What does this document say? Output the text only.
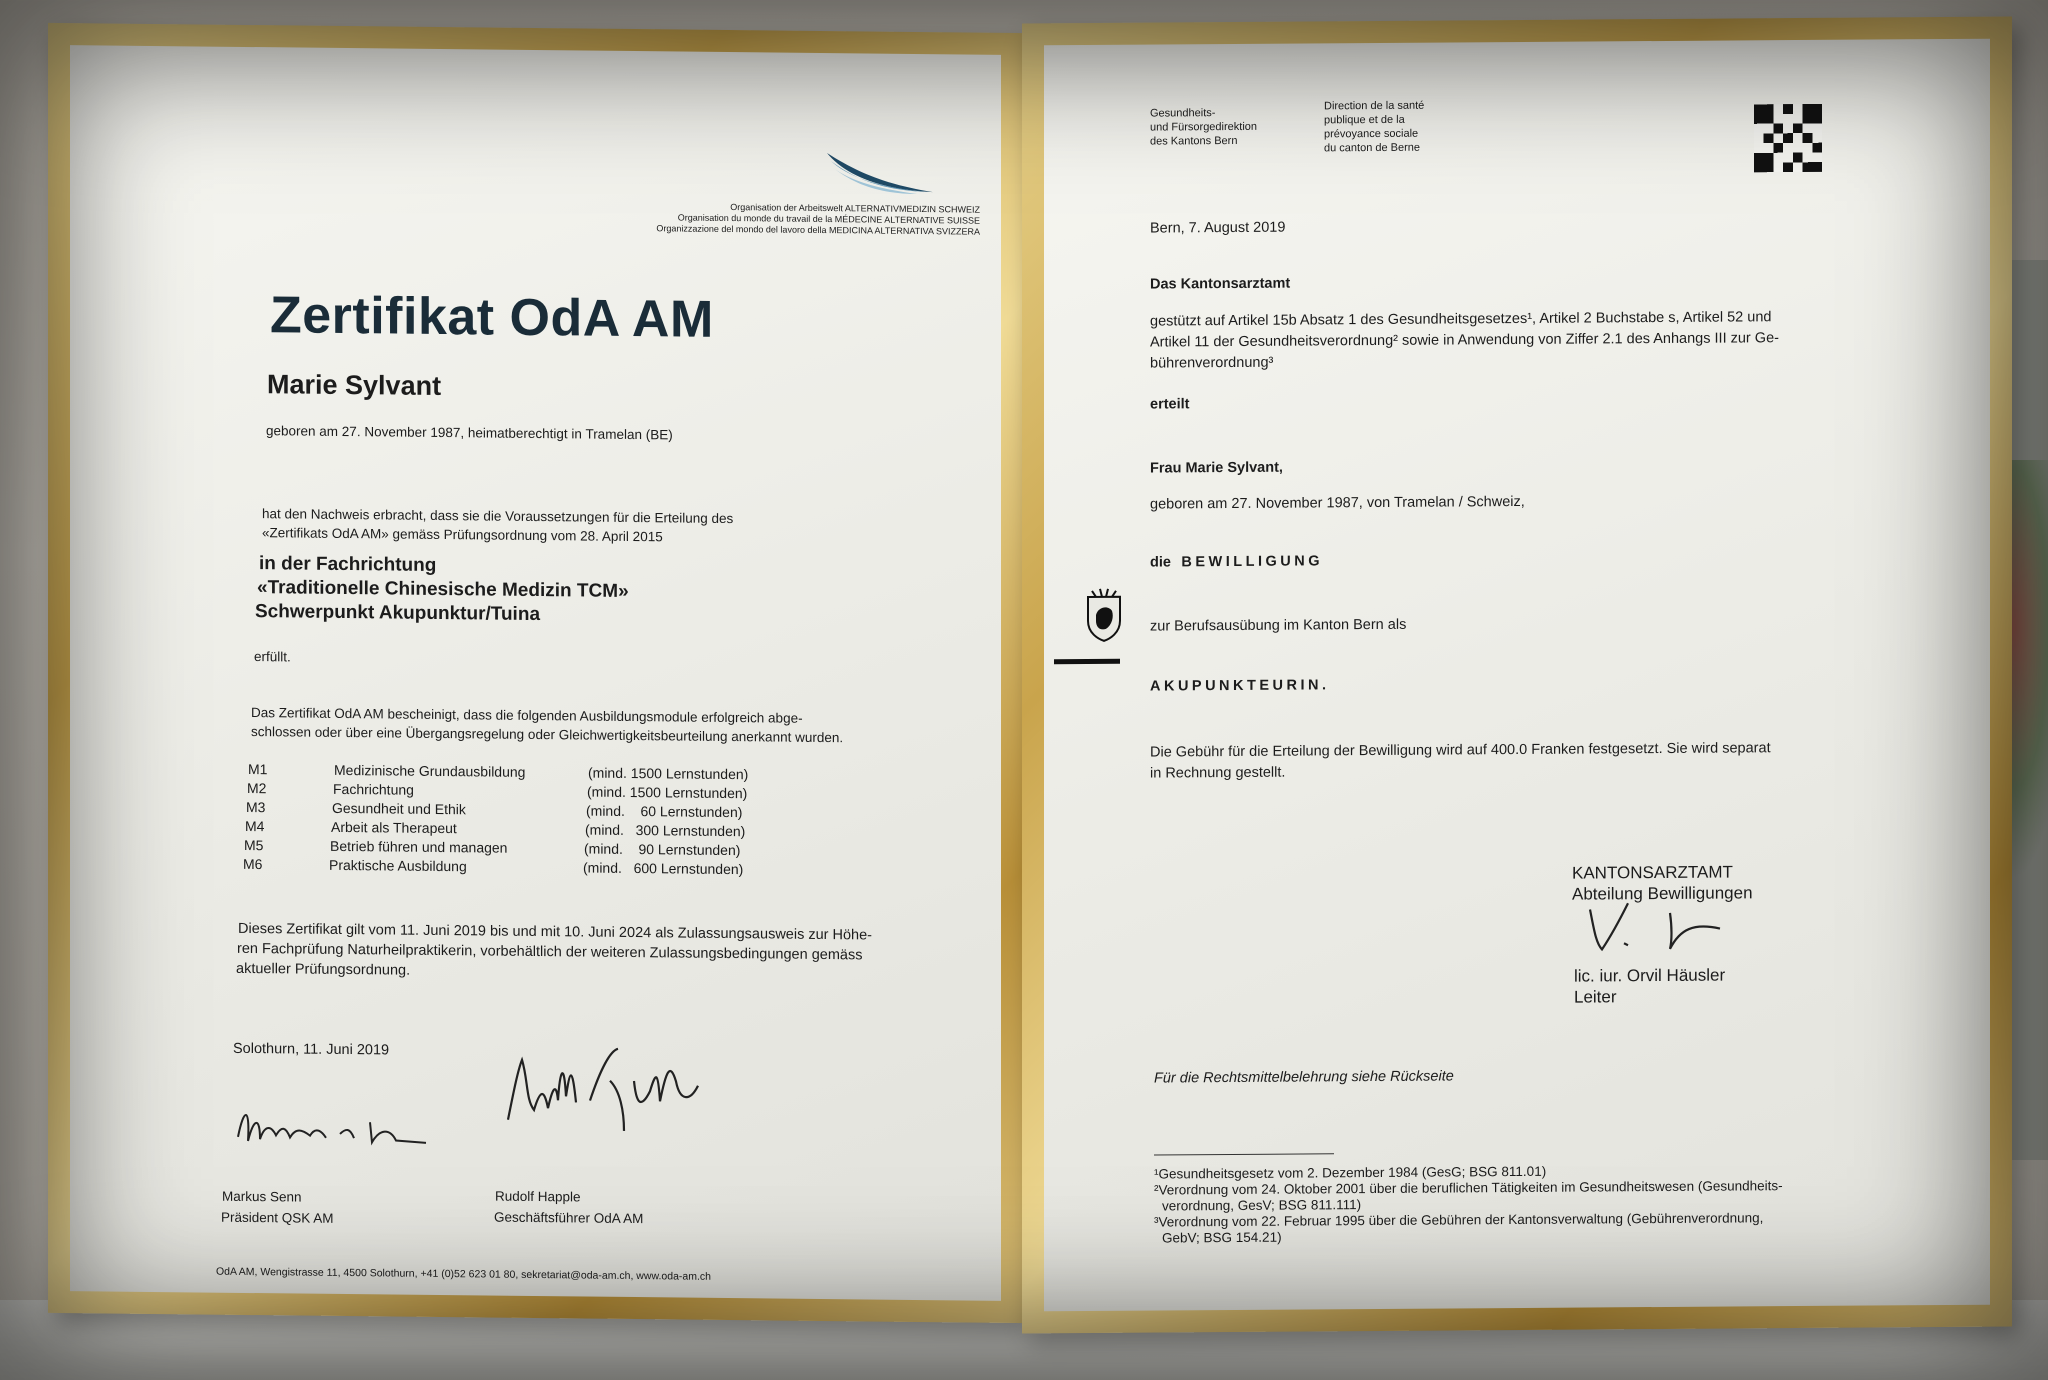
Organisation der Arbeitswelt ALTERNATIVMEDIZIN SCHWEIZ
Organisation du monde du travail de la MÉDECINE ALTERNATIVE SUISSE
Organizzazione del mondo del lavoro della MEDICINA ALTERNATIVA SVIZZERA
Zertifikat OdA AM
Marie Sylvant
geboren am 27. November 1987, heimatberechtigt in Tramelan (BE)
hat den Nachweis erbracht, dass sie die Voraussetzungen für die Erteilung des
«Zertifikats OdA AM» gemäss Prüfungsordnung vom 28. April 2015
in der Fachrichtung
«Traditionelle Chinesische Medizin TCM»
Schwerpunkt Akupunktur/Tuina
erfüllt.
Das Zertifikat OdA AM bescheinigt, dass die folgenden Ausbildungsmodule erfolgreich abge-
schlossen oder über eine Übergangsregelung oder Gleichwertigkeitsbeurteilung anerkannt wurden.
M1	Medizinische Grundausbildung	(mind. 1500 Lernstunden)
M2	Fachrichtung	(mind. 1500 Lernstunden)
M3	Gesundheit und Ethik	(mind.    60 Lernstunden)
M4	Arbeit als Therapeut	(mind.   300 Lernstunden)
M5	Betrieb führen und managen	(mind.    90 Lernstunden)
M6	Praktische Ausbildung	(mind.   600 Lernstunden)
Dieses Zertifikat gilt vom 11. Juni 2019 bis und mit 10. Juni 2024 als Zulassungsausweis zur Höhe-
ren Fachprüfung Naturheilpraktikerin, vorbehältlich der weiteren Zulassungsbedingungen gemäss
aktueller Prüfungsordnung.
Solothurn, 11. Juni 2019
Markus Senn
Präsident QSK AM
Rudolf Happle
Geschäftsführer OdA AM
OdA AM, Wengistrasse 11, 4500 Solothurn, +41 (0)52 623 01 80, sekretariat@oda-am.ch, www.oda-am.ch
Gesundheits-
und Fürsorgedirektion
des Kantons Bern
Direction de la santé
publique et de la
prévoyance sociale
du canton de Berne
Bern, 7. August 2019
Das Kantonsarztamt
gestützt auf Artikel 15b Absatz 1 des Gesundheitsgesetzes¹, Artikel 2 Buchstabe s, Artikel 52 und
Artikel 11 der Gesundheitsverordnung² sowie in Anwendung von Ziffer 2.1 des Anhangs III zur Ge-
bührenverordnung³
erteilt
Frau Marie Sylvant,
geboren am 27. November 1987, von Tramelan / Schweiz,
die BEWILLIGUNG
zur Berufsausübung im Kanton Bern als
AKUPUNKTEURIN.
Die Gebühr für die Erteilung der Bewilligung wird auf 400.0 Franken festgesetzt. Sie wird separat
in Rechnung gestellt.
KANTONSARZTAMT
Abteilung Bewilligungen
lic. iur. Orvil Häusler
Leiter
Für die Rechtsmittelbelehrung siehe Rückseite
¹Gesundheitsgesetz vom 2. Dezember 1984 (GesG; BSG 811.01)
²Verordnung vom 24. Oktober 2001 über die beruflichen Tätigkeiten im Gesundheitswesen (Gesundheits-
verordnung, GesV; BSG 811.111)
³Verordnung vom 22. Februar 1995 über die Gebühren der Kantonsverwaltung (Gebührenverordnung,
GebV; BSG 154.21)
